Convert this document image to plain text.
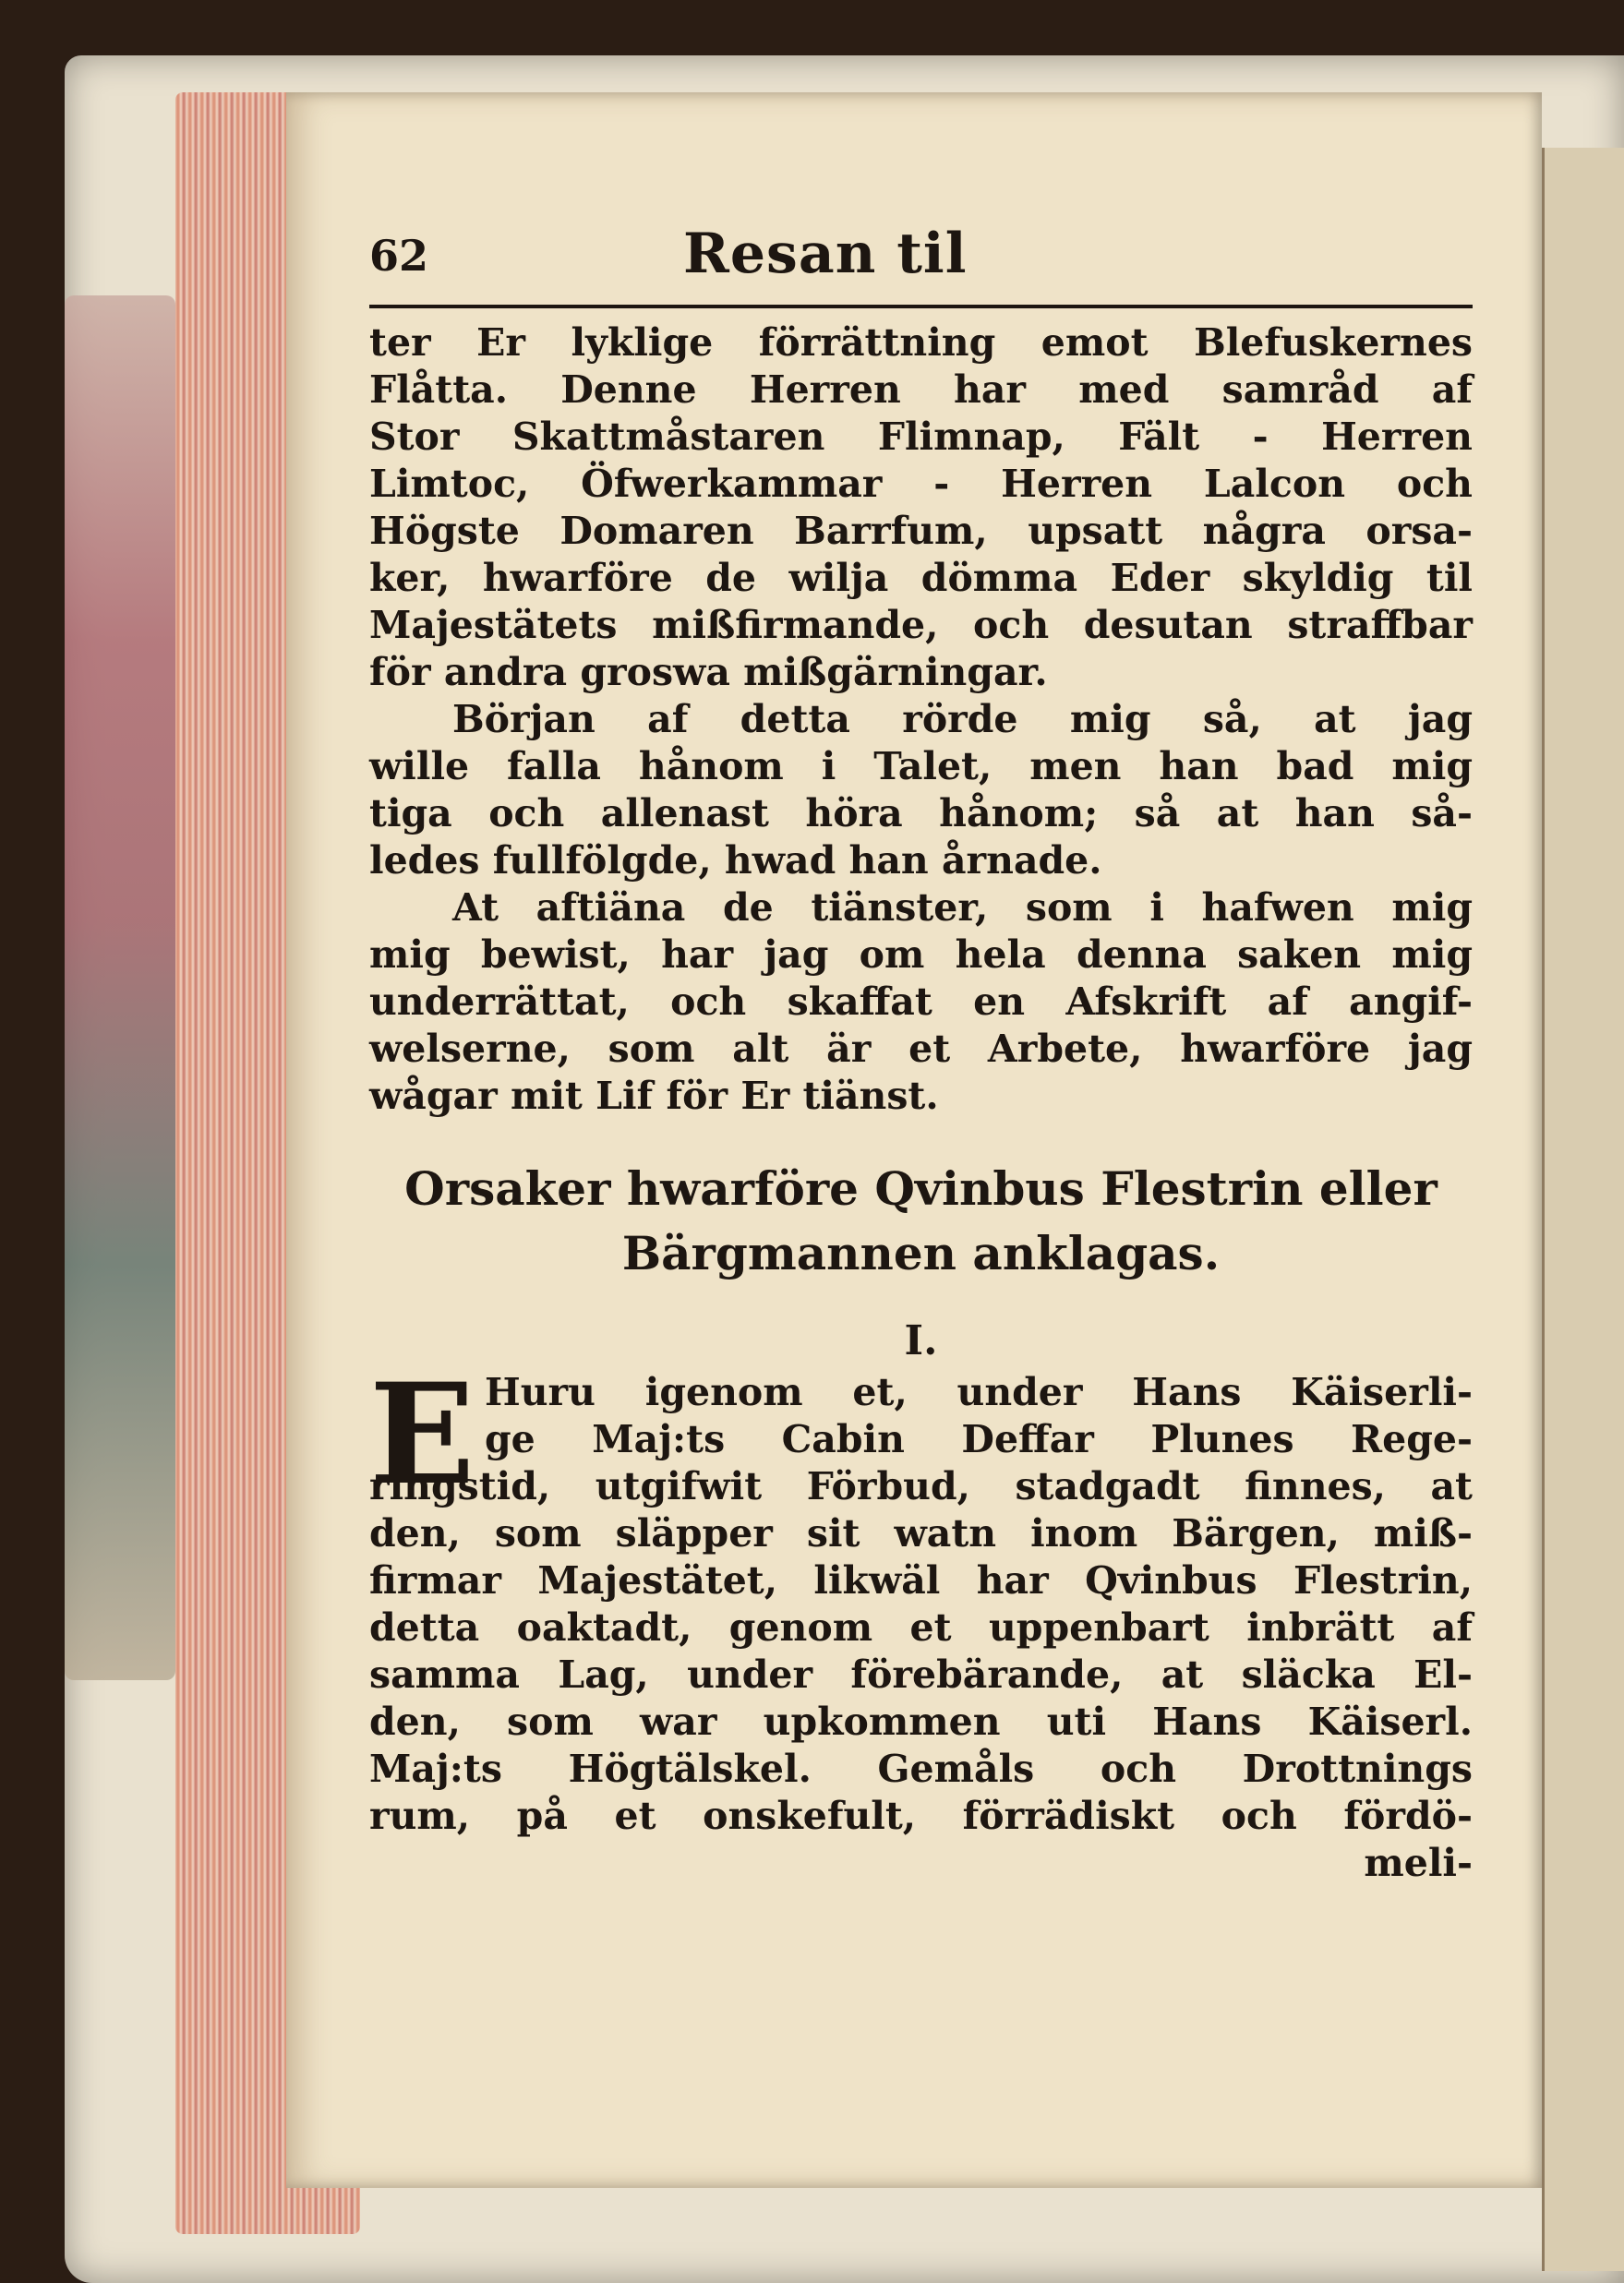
62	Resan til
ter Er lyklige förrättning emot Blefuskernes
Flåtta. Denne Herren har med samråd af
Stor Skattmåstaren Flimnap, Fält - Herren
Limtoc, Öfwerkammar - Herren Lalcon och
Högste Domaren Barrfum, upsatt några orsa-
ker, hwarföre de wilja dömma Eder skyldig til
Majestätets mißfirmande, och desutan straffbar
för andra groswa mißgärningar.
Början af detta rörde mig så, at jag
wille falla hånom i Talet, men han bad mig
tiga och allenast höra hånom; så at han så-
ledes fullfölgde, hwad han årnade.
At aftiäna de tiänster, som i hafwen mig
mig bewist, har jag om hela denna saken mig
underrättat, och skaffat en Afskrift af angif-
welserne, som alt är et Arbete, hwarföre jag
wågar mit Lif för Er tiänst.
Orsaker hwarföre Qvinbus Flestrin eller
Bärgmannen anklagas.
I.
E Huru igenom et, under Hans Käiserli-
ge Maj:ts Cabin Deffar Plunes Rege-
ringstid, utgifwit Förbud, stadgadt finnes, at
den, som släpper sit watn inom Bärgen, miß-
firmar Majestätet, likwäl har Qvinbus Flestrin,
detta oaktadt, genom et uppenbart inbrätt af
samma Lag, under förebärande, at släcka El-
den, som war upkommen uti Hans Käiserl.
Maj:ts Högtälskel. Gemåls och Drottnings
rum, på et onskefult, förrädiskt och fördö-
meli-
